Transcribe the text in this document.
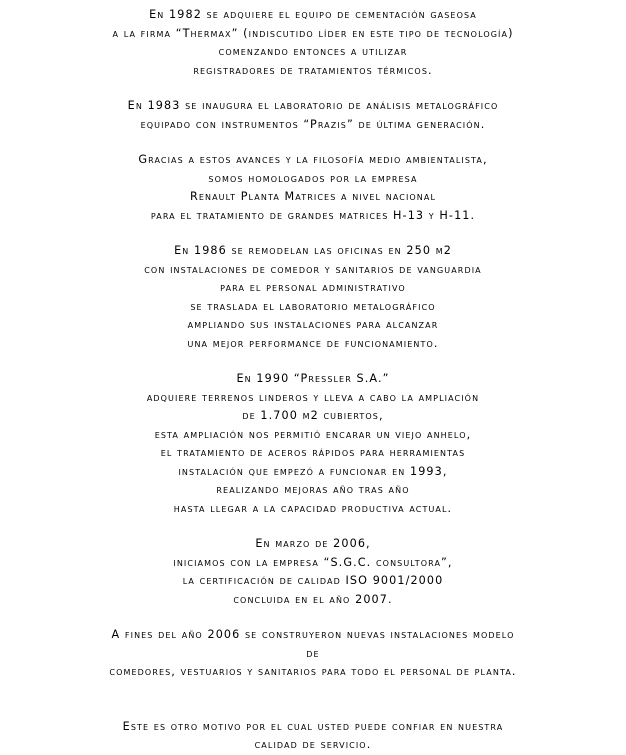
En 1982 se adquiere el equipo de cementación gaseosa
a la firma “Thermax” (indiscutido líder en este tipo de tecnología)
comenzando entonces a utilizar
registradores de tratamientos térmicos.

En 1983 se inaugura el laboratorio de análisis metalográfico
equipado con instrumentos “Prazis” de última generación.

Gracias a estos avances y la filosofía medio ambientalista,
somos homologados por la empresa
Renault Planta Matrices a nivel nacional
para el tratamiento de grandes matrices H-13 y H-11.

En 1986 se remodelan las oficinas en 250 m2
con instalaciones de comedor y sanitarios de vanguardia
para el personal administrativo
se traslada el laboratorio metalográfico
ampliando sus instalaciones para alcanzar
una mejor performance de funcionamiento.

En 1990 “Pressler S.A.”
adquiere terrenos linderos y lleva a cabo la ampliación
de 1.700 m2 cubiertos,
esta ampliación nos permitió encarar un viejo anhelo,
el tratamiento de aceros rápidos para herramientas
instalación que empezó a funcionar en 1993,
realizando mejoras año tras año
hasta llegar a la capacidad productiva actual.

En marzo de 2006,
iniciamos con la empresa “S.G.C. consultora”,
la certificación de calidad ISO 9001/2000
concluida en el año 2007.

A fines del año 2006 se construyeron nuevas instalaciones modelo
de
comedores, vestuarios y sanitarios para todo el personal de planta.

Este es otro motivo por el cual usted puede confiar en nuestra
calidad de servicio.
